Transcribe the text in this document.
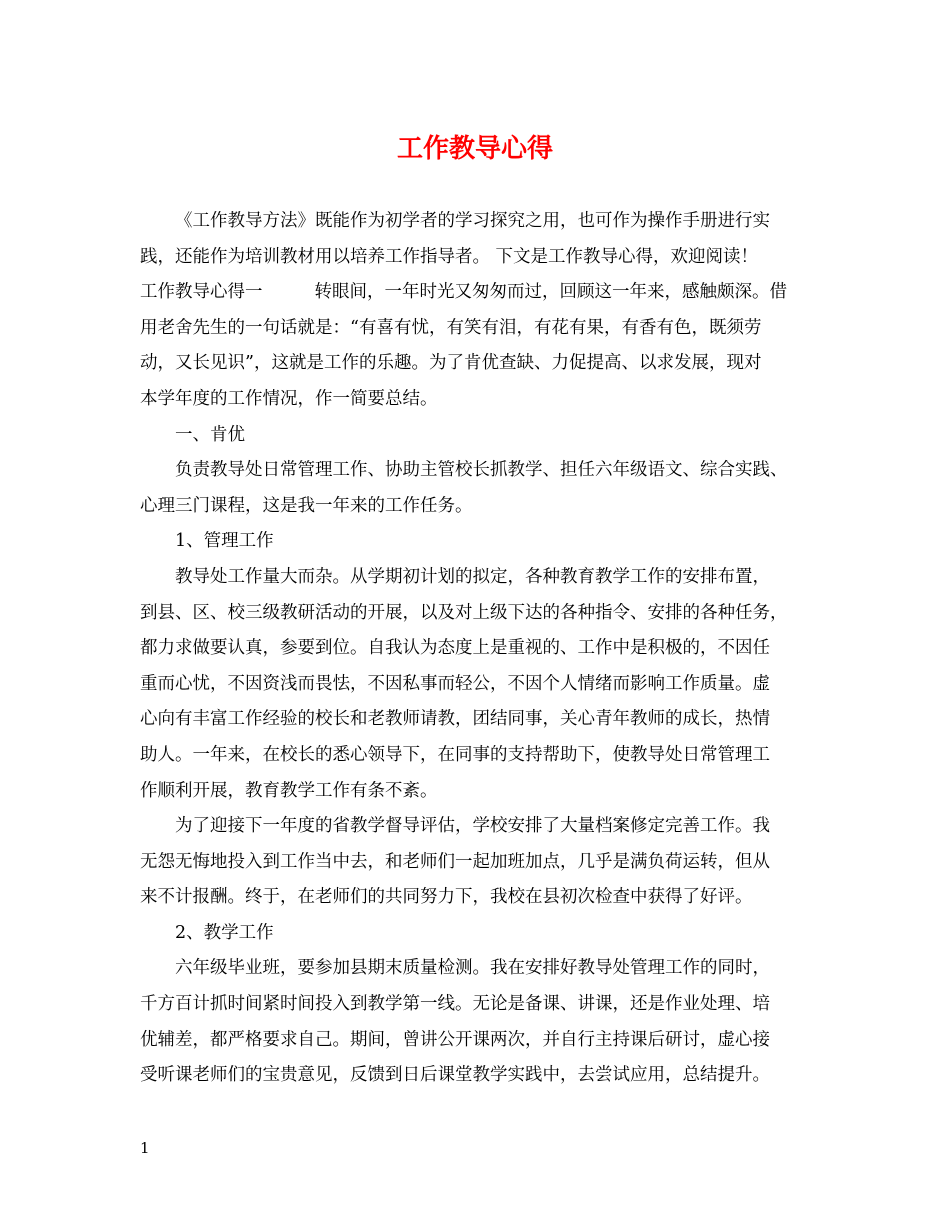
工作教导心得

《工作教导方法》既能作为初学者的学习探究之用，也可作为操作手册进行实

践，还能作为培训教材用以培养工作指导者。 下文是工作教导心得，欢迎阅读！

工作教导心得一	转眼间，一年时光又匆匆而过，回顾这一年来，感触颇深。借

用老舍先生的一句话就是：“有喜有忧，有笑有泪，有花有果，有香有色，既须劳

动，又长见识”，这就是工作的乐趣。为了肯优查缺、力促提高、以求发展，现对

本学年度的工作情况，作一简要总结。

一、肯优

负责教导处日常管理工作、协助主管校长抓教学、担任六年级语文、综合实践、

心理三门课程，这是我一年来的工作任务。

1、管理工作

教导处工作量大而杂。从学期初计划的拟定，各种教育教学工作的安排布置，

到县、区、校三级教研活动的开展，以及对上级下达的各种指令、安排的各种任务，

都力求做要认真，参要到位。自我认为态度上是重视的、工作中是积极的，不因任

重而心忧，不因资浅而畏怯，不因私事而轻公，不因个人情绪而影响工作质量。虚

心向有丰富工作经验的校长和老教师请教，团结同事，关心青年教师的成长，热情

助人。一年来，在校长的悉心领导下，在同事的支持帮助下，使教导处日常管理工

作顺利开展，教育教学工作有条不紊。

为了迎接下一年度的省教学督导评估，学校安排了大量档案修定完善工作。我

无怨无悔地投入到工作当中去，和老师们一起加班加点，几乎是满负荷运转，但从

来不计报酬。终于，在老师们的共同努力下，我校在县初次检查中获得了好评。

2、教学工作

六年级毕业班，要参加县期末质量检测。我在安排好教导处管理工作的同时，

千方百计抓时间紧时间投入到教学第一线。无论是备课、讲课，还是作业处理、培

优辅差，都严格要求自己。期间，曾讲公开课两次，并自行主持课后研讨，虚心接

受听课老师们的宝贵意见，反馈到日后课堂教学实践中，去尝试应用，总结提升。

1
